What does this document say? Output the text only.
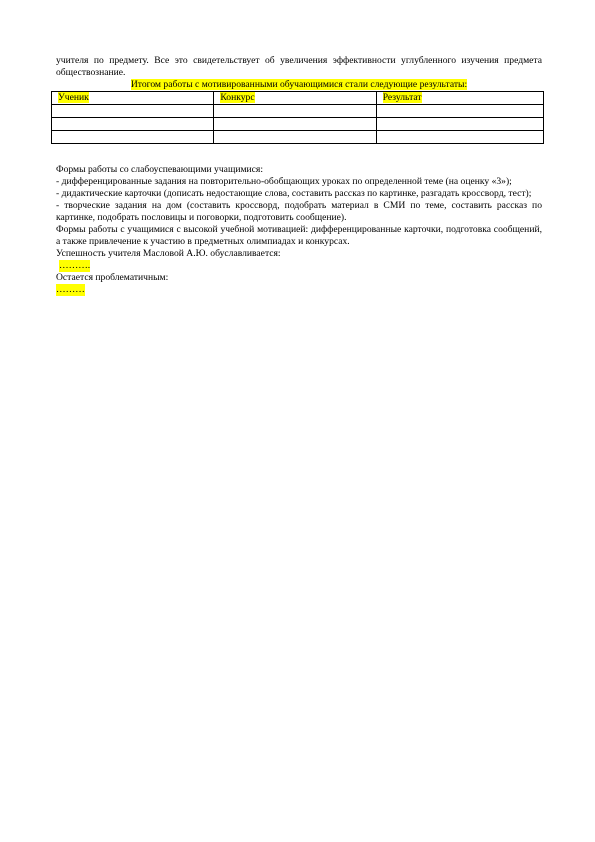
учителя по предмету. Все это свидетельствует об увеличения эффективности углубленного изучения предмета обществознание.

Итогом работы с мотивированными обучающимися стали следующие результаты:

Ученик	Конкурс	Результат

Формы работы со слабоуспевающими учащимися:

- дифференцированные задания на повторительно-обобщающих уроках по определенной теме (на оценку «3»);

- дидактические карточки (дописать недостающие слова, составить рассказ по картинке, разгадать кроссворд, тест);

- творческие задания на дом (составить кроссворд, подобрать материал в СМИ по теме, составить рассказ по картинке, подобрать пословицы и поговорки, подготовить сообщение).

Формы работы с учащимися с высокой учебной мотивацией: дифференцированные карточки, подготовка сообщений, а также привлечение к участию в предметных олимпиадах и конкурсах.

Успешность учителя Масловой А.Ю. обуславливается:

……….

Остается проблематичным:

………
